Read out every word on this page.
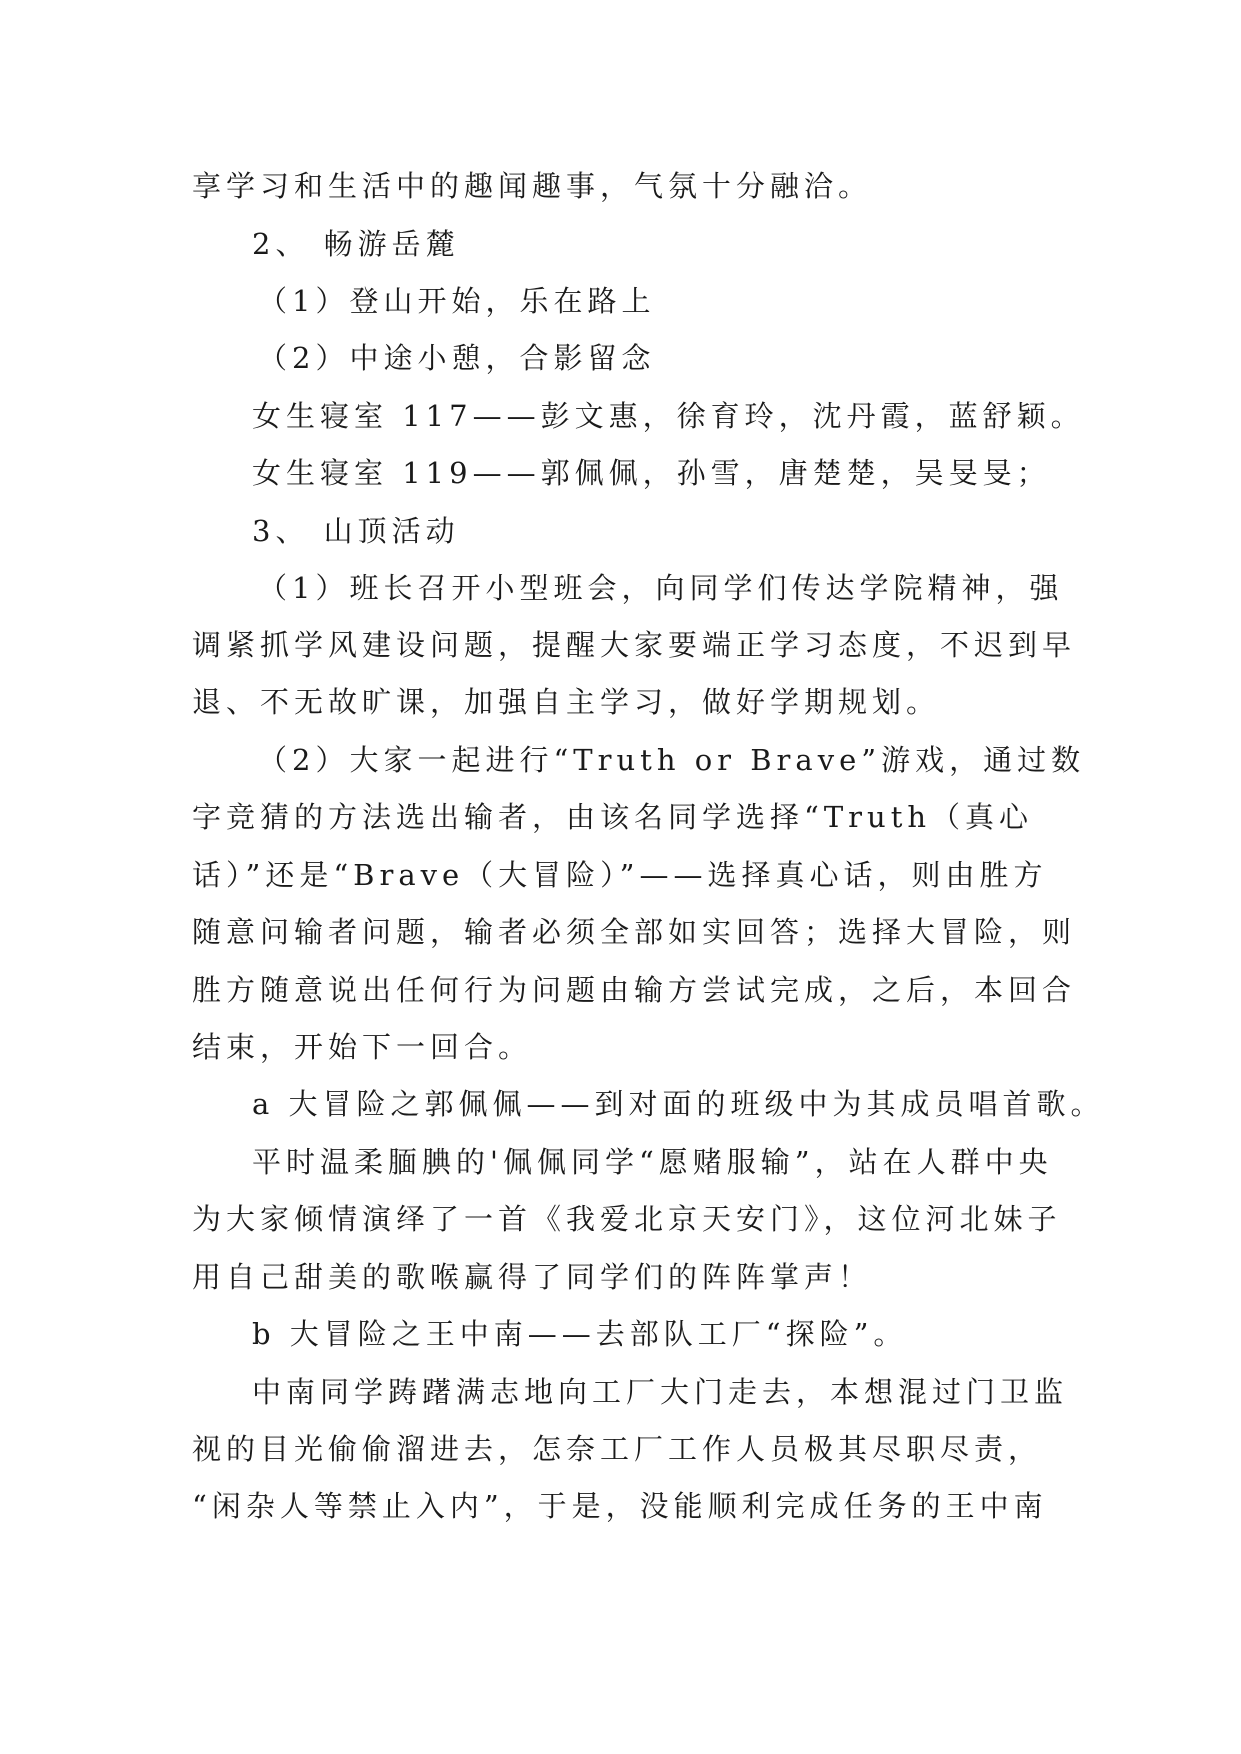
享学习和生活中的趣闻趣事，气氛十分融洽。
2、 畅游岳麓
（1）登山开始，乐在路上
（2）中途小憩，合影留念
女生寝室 117——彭文惠，徐育玲，沈丹霞，蓝舒颖。
女生寝室 119——郭佩佩，孙雪，唐楚楚，吴旻旻；
3、 山顶活动
（1）班长召开小型班会，向同学们传达学院精神，强
调紧抓学风建设问题，提醒大家要端正学习态度，不迟到早
退、不无故旷课，加强自主学习，做好学期规划。
（2）大家一起进行“Truth or Brave”游戏，通过数
字竞猜的方法选出输者，由该名同学选择“Truth（真心
话）”还是“Brave（大冒险）”——选择真心话，则由胜方
随意问输者问题，输者必须全部如实回答；选择大冒险，则
胜方随意说出任何行为问题由输方尝试完成，之后，本回合
结束，开始下一回合。
a 大冒险之郭佩佩——到对面的班级中为其成员唱首歌。
平时温柔腼腆的'佩佩同学“愿赌服输”，站在人群中央
为大家倾情演绎了一首《我爱北京天安门》，这位河北妹子
用自己甜美的歌喉赢得了同学们的阵阵掌声！
b 大冒险之王中南——去部队工厂“探险”。
中南同学踌躇满志地向工厂大门走去，本想混过门卫监
视的目光偷偷溜进去，怎奈工厂工作人员极其尽职尽责，
“闲杂人等禁止入内”，于是，没能顺利完成任务的王中南
